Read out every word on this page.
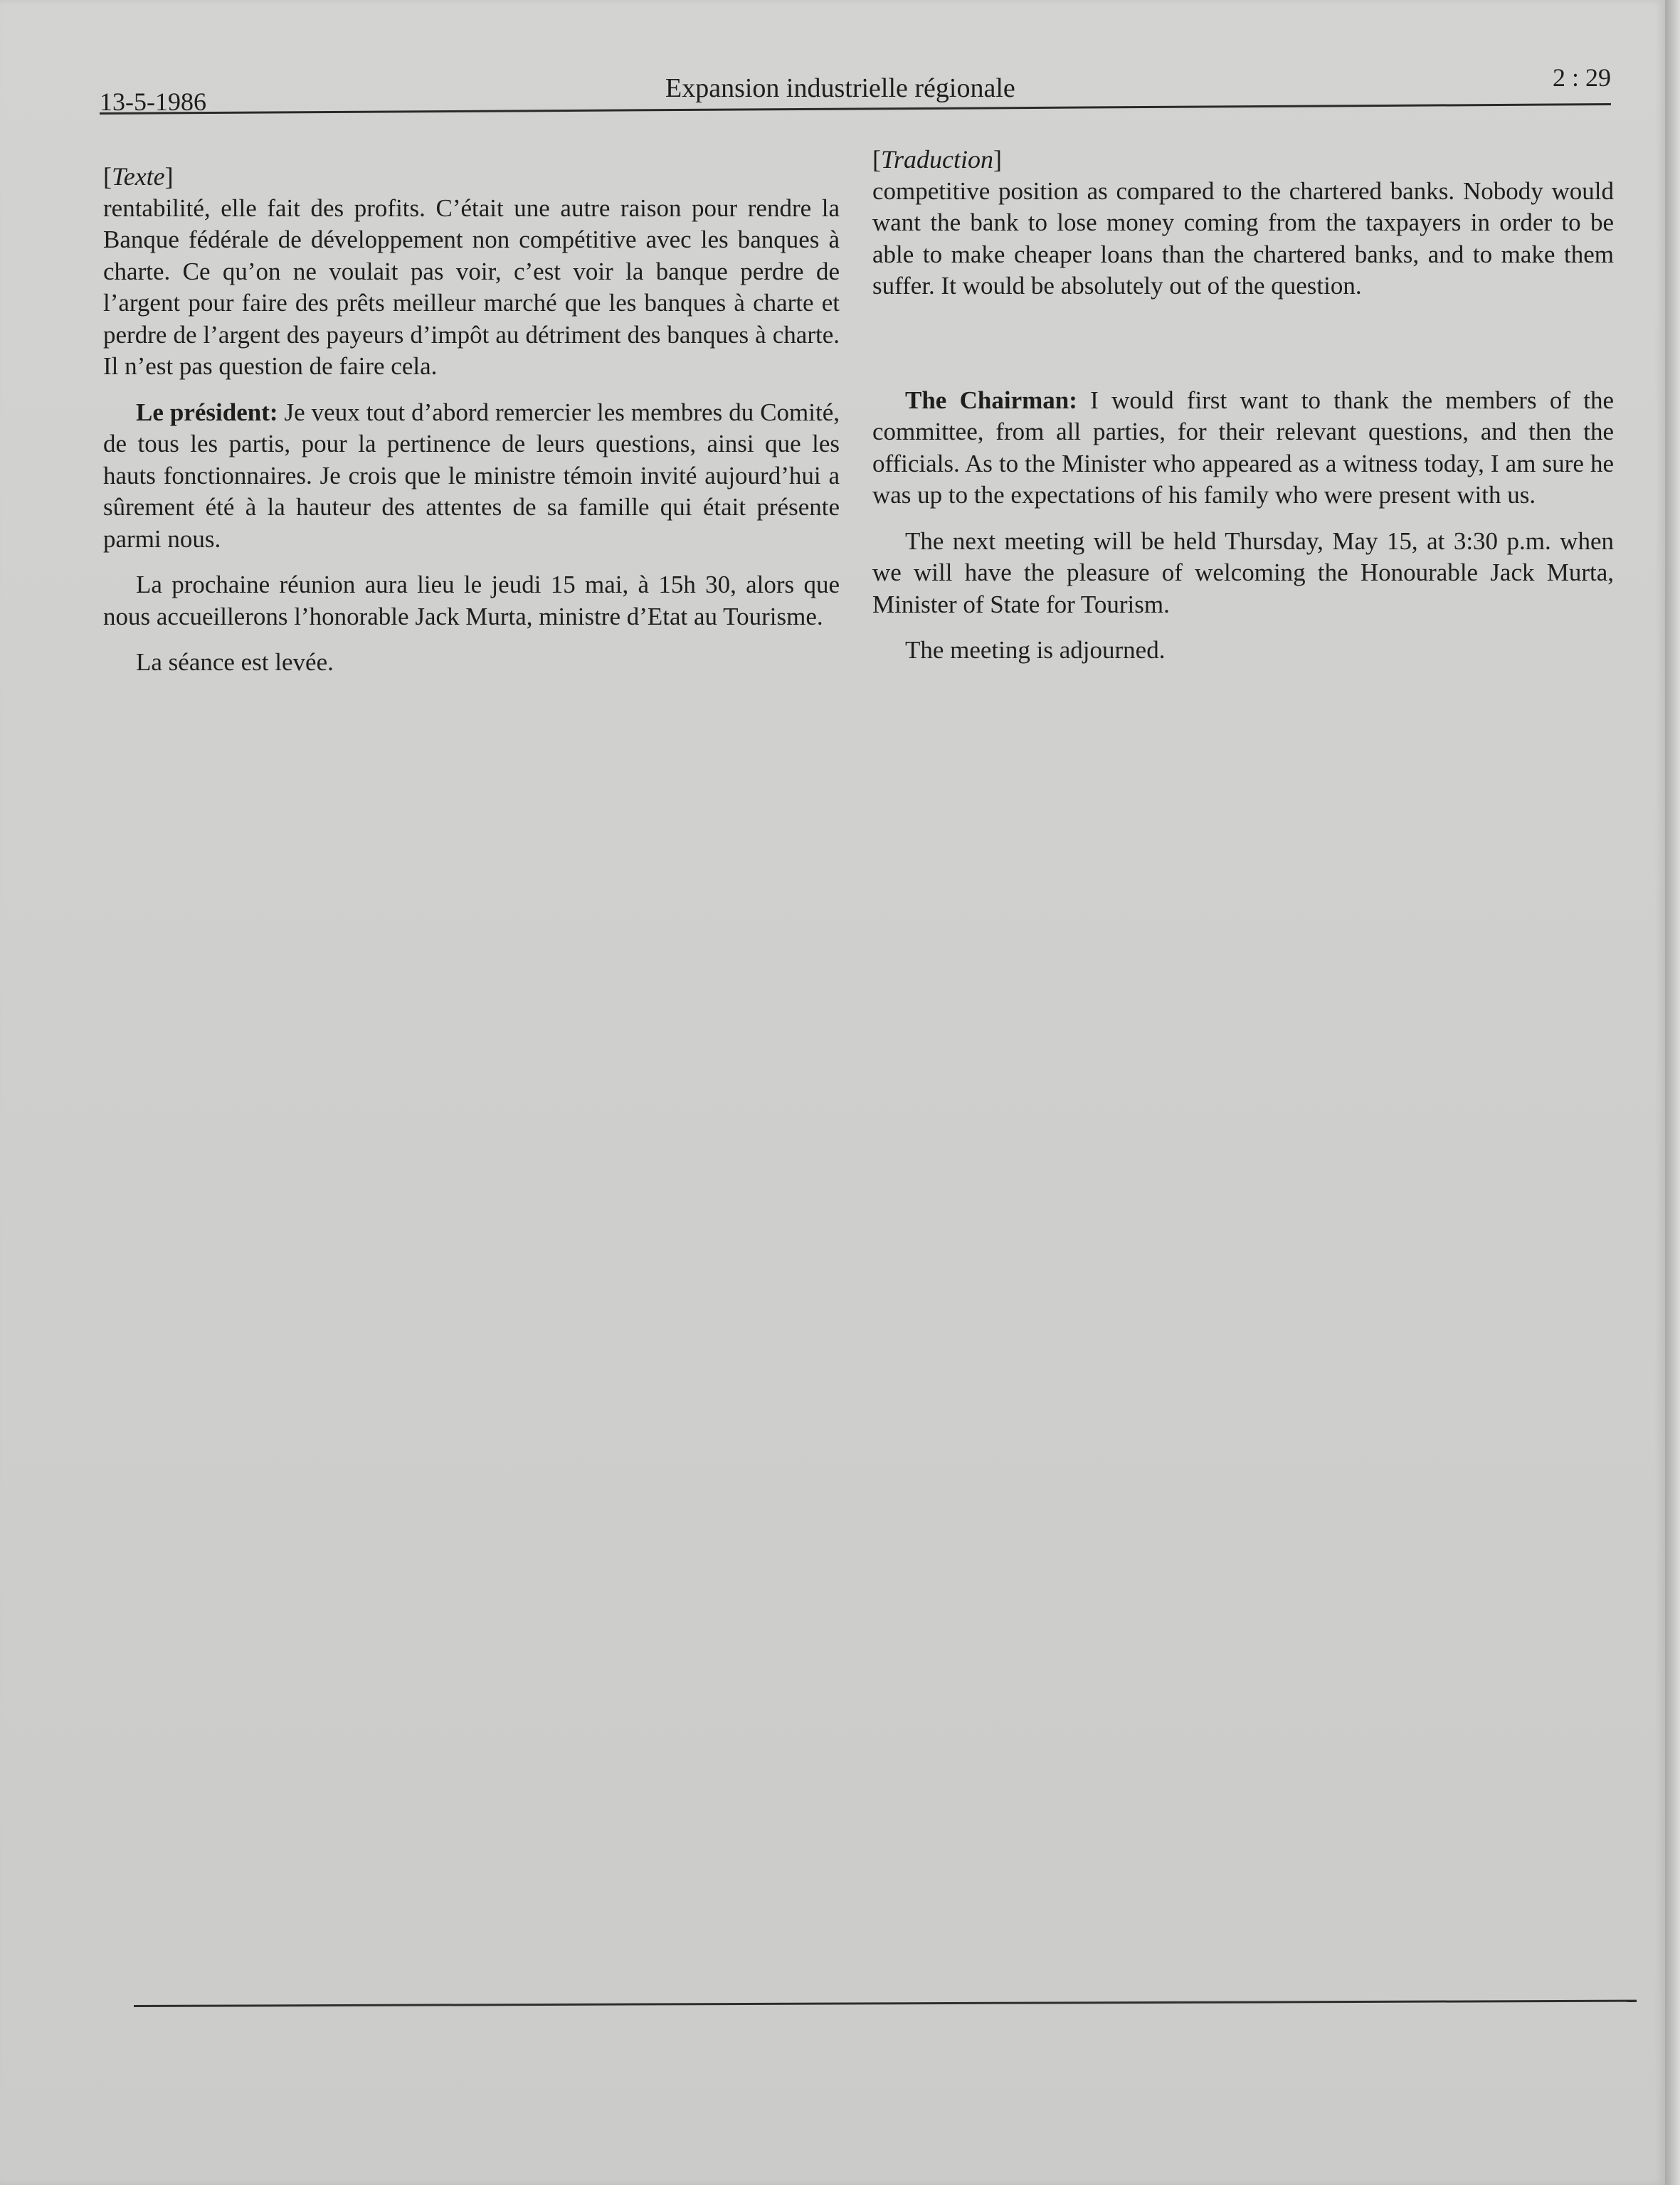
13-5-1986	Expansion industrielle régionale	2 : 29
[Texte]

rentabilité, elle fait des profits. C’était une autre raison pour rendre la Banque fédérale de développement non compétitive avec les banques à charte. Ce qu’on ne voulait pas voir, c’est voir la banque perdre de l’argent pour faire des prêts meilleur marché que les banques à charte et perdre de l’argent des payeurs d’impôt au détriment des banques à charte. Il n’est pas question de faire cela.

Le président: Je veux tout d’abord remercier les membres du Comité, de tous les partis, pour la pertinence de leurs questions, ainsi que les hauts fonctionnaires. Je crois que le ministre témoin invité aujourd’hui a sûrement été à la hauteur des attentes de sa famille qui était présente parmi nous.

La prochaine réunion aura lieu le jeudi 15 mai, à 15h 30, alors que nous accueillerons l’honorable Jack Murta, ministre d’Etat au Tourisme.

La séance est levée.

[Traduction]

competitive position as compared to the chartered banks. Nobody would want the bank to lose money coming from the taxpayers in order to be able to make cheaper loans than the chartered banks, and to make them suffer. It would be absolutely out of the question.

The Chairman: I would first want to thank the members of the committee, from all parties, for their relevant questions, and then the officials. As to the Minister who appeared as a witness today, I am sure he was up to the expectations of his family who were present with us.

The next meeting will be held Thursday, May 15, at 3:30 p.m. when we will have the pleasure of welcoming the Honourable Jack Murta, Minister of State for Tourism.

The meeting is adjourned.
